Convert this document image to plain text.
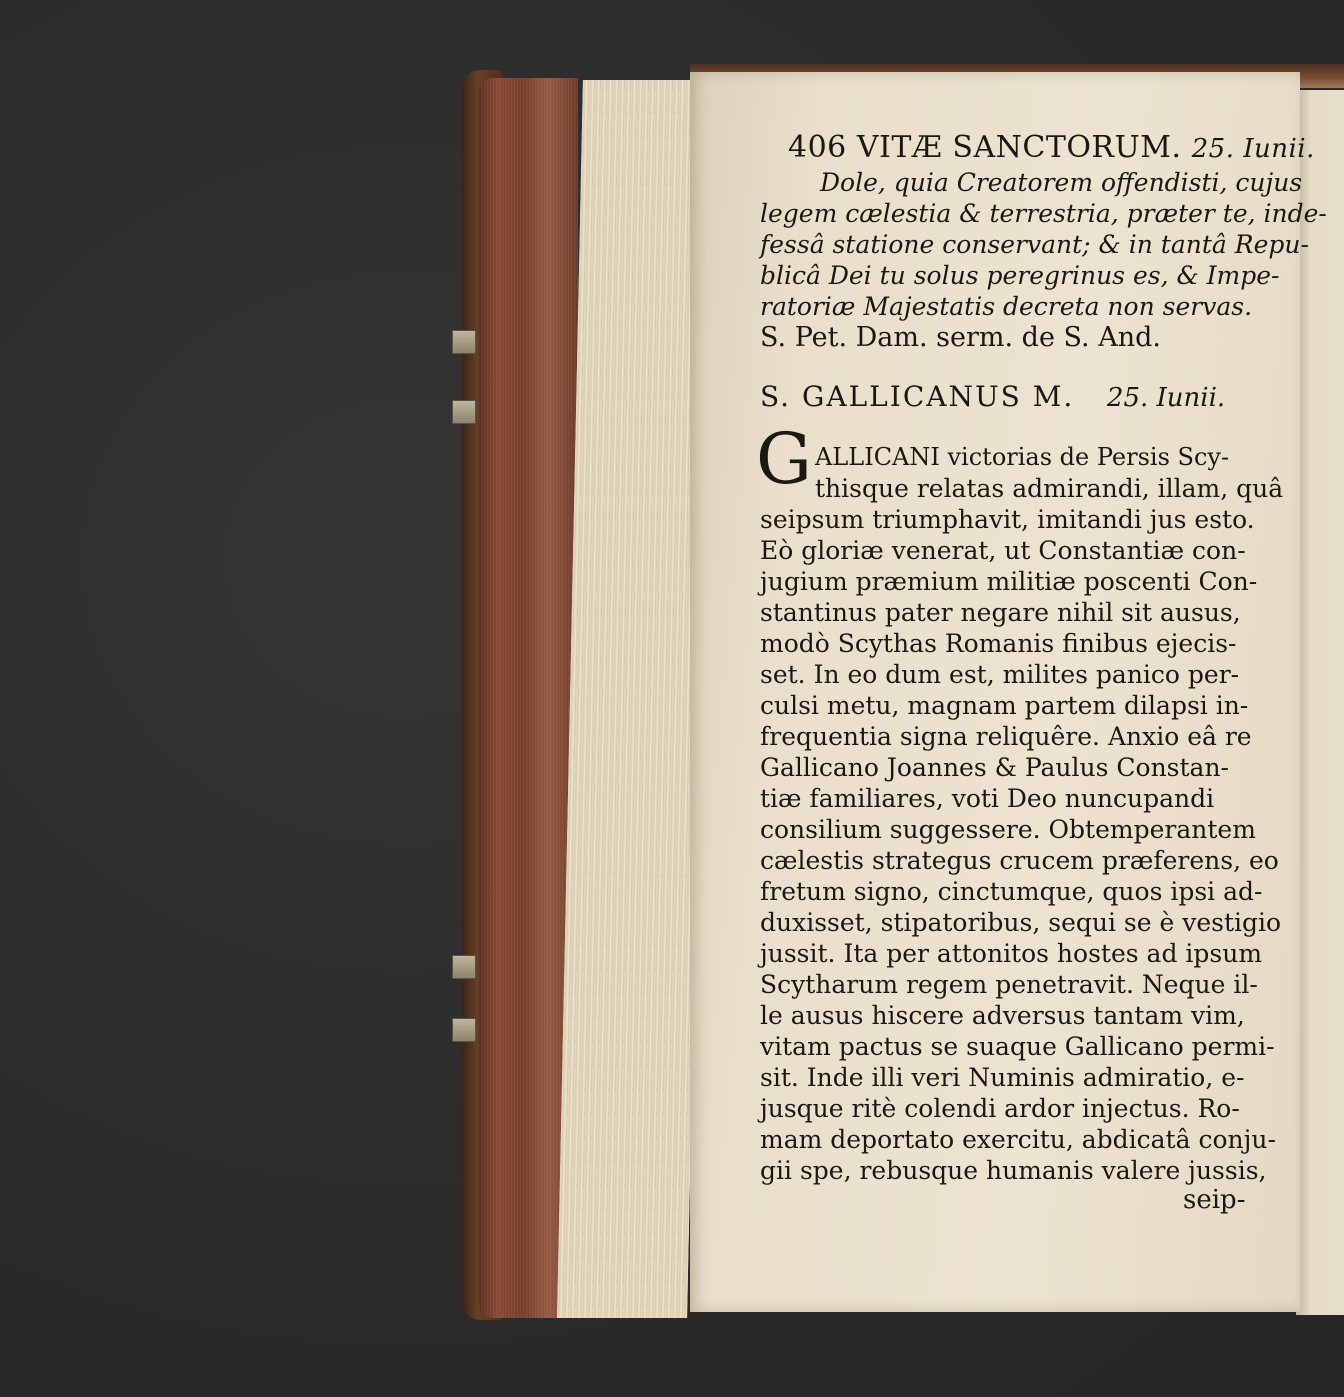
406 VITÆ SANCTORUM. 25. Iunii.
Dole, quia Creatorem offendisti, cujus
legem cælestia & terrestria, præter te, inde-
fessâ statione conservant; & in tantâ Repu-
blicâ Dei tu solus peregrinus es, & Impe-
ratoriæ Majestatis decreta non servas.
S. Pet. Dam. serm. de S. And.
S. GALLICANUS M. 25. Iunii.
G ALLICANI victorias de Persis Scy-
thisque relatas admirandi, illam, quâ
seipsum triumphavit, imitandi jus esto.
Eò gloriæ venerat, ut Constantiæ con-
jugium præmium militiæ poscenti Con-
stantinus pater negare nihil sit ausus,
modò Scythas Romanis finibus ejecis-
set. In eo dum est, milites panico per-
culsi metu, magnam partem dilapsi in-
frequentia signa reliquêre. Anxio eâ re
Gallicano Joannes & Paulus Constan-
tiæ familiares, voti Deo nuncupandi
consilium suggessere. Obtemperantem
cælestis strategus crucem præferens, eo
fretum signo, cinctumque, quos ipsi ad-
duxisset, stipatoribus, sequi se è vestigio
jussit. Ita per attonitos hostes ad ipsum
Scytharum regem penetravit. Neque il-
le ausus hiscere adversus tantam vim,
vitam pactus se suaque Gallicano permi-
sit. Inde illi veri Numinis admiratio, e-
jusque ritè colendi ardor injectus. Ro-
mam deportato exercitu, abdicatâ conju-
gii spe, rebusque humanis valere jussis,
seip-
